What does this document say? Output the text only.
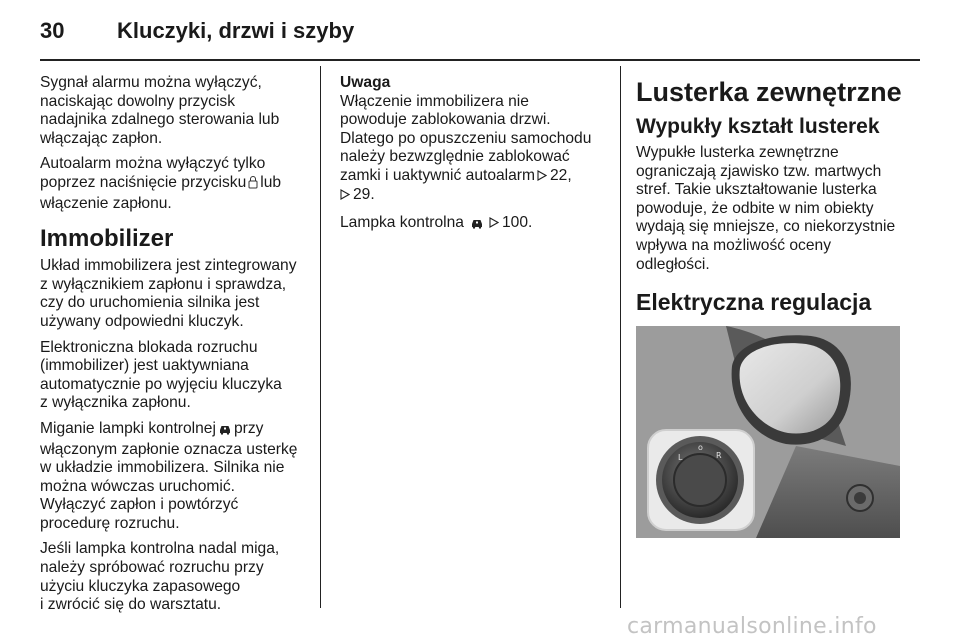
30 Kluczyki, drzwi i szyby

Sygnał alarmu można wyłączyć,
naciskając dowolny przycisk
nadajnika zdalnego sterowania lub
włączając zapłon.

Autoalarm można wyłączyć tylko
poprzez naciśnięcie przycisku lub
włączenie zapłonu.

Immobilizer

Układ immobilizera jest zintegrowany
z wyłącznikiem zapłonu i sprawdza,
czy do uruchomienia silnika jest
używany odpowiedni kluczyk.

Elektroniczna blokada rozruchu
(immobilizer) jest uaktywniana
automatycznie po wyjęciu kluczyka
z wyłącznika zapłonu.

Miganie lampki kontrolnej przy
włączonym zapłonie oznacza usterkę
w układzie immobilizera. Silnika nie
można wówczas uruchomić.
Wyłączyć zapłon i powtórzyć
procedurę rozruchu.

Jeśli lampka kontrolna nadal miga,
należy spróbować rozruchu przy
użyciu kluczyka zapasowego
i zwrócić się do warsztatu.

Uwaga
Włączenie immobilizera nie
powoduje zablokowania drzwi.
Dlatego po opuszczeniu samochodu
należy bezwzględnie zablokować
zamki i uaktywnić autoalarm 22,
29.

Lampka kontrolna 100.

Lusterka zewnętrzne
Wypukły kształt lusterek

Wypukłe lusterka zewnętrzne
ograniczają zjawisko tzw. martwych
stref. Takie ukształtowanie lusterka
powoduje, że odbite w nim obiekty
wydają się mniejsze, co niekorzystnie
wpływa na możliwość oceny
odległości.

Elektryczna regulacja
L
o
R
carmanualsonline.info
